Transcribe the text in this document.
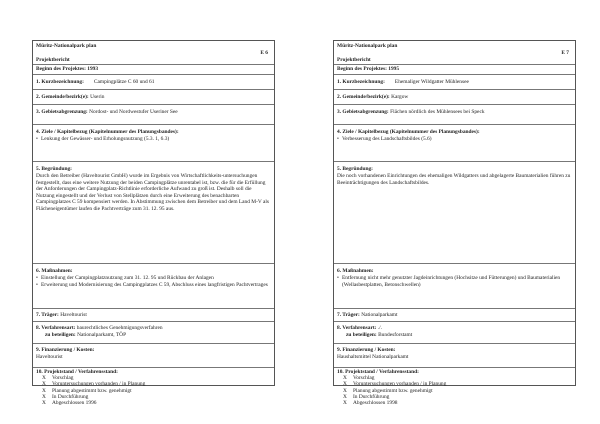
Müritz-Nationalpark plan
E 6
Projektbericht
Beginn des Projektes: 1993
1. Kurzbezeichnung: Campingplätze C 60 und 61
2. Gemeinde/bezirk(e): Userin
3. Gebietsabgrenzung: Nordost- und Nordwestufer Useriner See
4. Ziele / Kapitelbezug (Kapitelnummer des Planungsbandes):
• Lenkung der Gewässer- und Erholungsnutzung (5.3. 1, 6.3)
5. Begründung:
Durch den Betreiber (Haveltourist GmbH) wurde im Ergebnis von Wirtschaftlichkeits-untersuchungen festgestellt, dass eine weitere Nutzung der beiden Campingplätze unrentabel ist, bzw. die für die Erfüllung der Anforderungen der Campingplatz-Richtlinie erforderliche Aufwand zu groß ist. Deshalb soll die Nutzung eingestellt und der Verlust von Stellplätzen durch eine Erweiterung des benachbarten Campingplatzes C 59 kompensiert werden. In Abstimmung zwischen dem Betreiber und dem Land M-V als Flächeneigentümer laufen die Pachtverträge zum 31. 12. 95 aus.
6. Maßnahmen:
• Einstellung der Campingplatznutzung zum 31. 12. 95 und Rückbau der Anlagen
• Erweiterung und Modernisierung des Campingplatzes C 59, Abschluss eines langfristigen Pachtvertrages
7. Träger: Haveltourist
8. Verfahrensart: baurechtliches Genehmigungsverfahren
zu beteiligen: Nationalparkamt, TÖP
9. Finanzierung / Kosten:
Haveltourist
10. Projektstand / Verfahrensstand:
X Vorschlag
X Voruntersuchungen vorhanden / in Planung
X Planung abgestimmt bzw. genehmigt
X In Durchführung
X Abgeschlossen 1996
Müritz-Nationalpark plan
E 7
Projektbericht
Beginn des Projektes: 1995
1. Kurzbezeichnung: Ehemaliger Wildgatter Mühlensee
2. Gemeinde/bezirk(e): Kargow
3. Gebietsabgrenzung: Flächen nördlich des Mühlensees bei Speck
4. Ziele / Kapitelbezug (Kapitelnummer des Planungsbandes):
• Verbesserung des Landschaftsbildes (5.6)
5. Begründung:
Die noch vorhandenen Einrichtungen des ehemaligen Wildgatters und abgelagerte Baumaterialien führen zu Beeinträchtigungen des Landschaftsbildes.
6. Maßnahmen:
• Entfernung nicht mehr genutzter Jagdeinrichtungen (Hochsitze und Fütterungen) und Baumaterialien (Wellasbestplatten, Betonschwellen)
7. Träger: Nationalparkamt
8. Verfahrensart: ./.
zu beteiligen: Bundesforstamt
9. Finanzierung / Kosten:
Haushaltsmittel Nationalparkamt
10. Projektstand / Verfahrensstand:
X Vorschlag
X Voruntersuchungen vorhanden / in Planung
X Planung abgestimmt bzw. genehmigt
X In Durchführung
X Abgeschlossen 1998
